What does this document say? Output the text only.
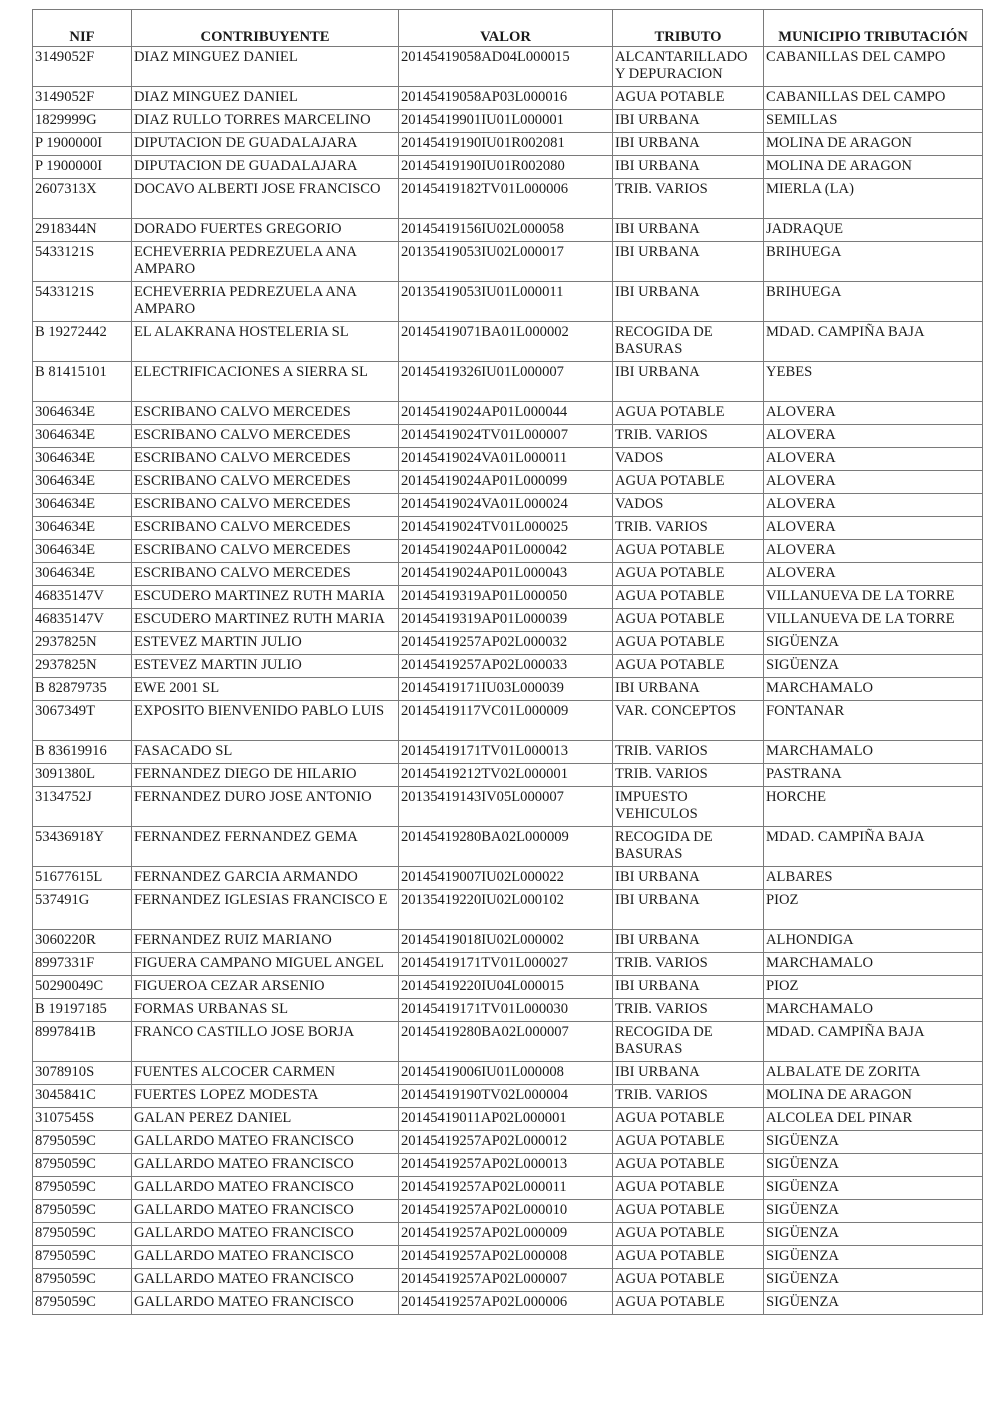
NIF	CONTRIBUYENTE	VALOR	TRIBUTO	MUNICIPIO TRIBUTACIÓN
3149052F	DIAZ MINGUEZ DANIEL	20145419058AD04L000015	ALCANTARILLADO Y DEPURACION	CABANILLAS DEL CAMPO
3149052F	DIAZ MINGUEZ DANIEL	20145419058AP03L000016	AGUA POTABLE	CABANILLAS DEL CAMPO
1829999G	DIAZ RULLO TORRES MARCELINO	20145419901IU01L000001	IBI URBANA	SEMILLAS
P 1900000I	DIPUTACION DE GUADALAJARA	20145419190IU01R002081	IBI URBANA	MOLINA DE ARAGON
P 1900000I	DIPUTACION DE GUADALAJARA	20145419190IU01R002080	IBI URBANA	MOLINA DE ARAGON
2607313X	DOCAVO ALBERTI JOSE FRANCISCO	20145419182TV01L000006	TRIB. VARIOS	MIERLA (LA)
2918344N	DORADO FUERTES GREGORIO	20145419156IU02L000058	IBI URBANA	JADRAQUE
5433121S	ECHEVERRIA PEDREZUELA ANA AMPARO	20135419053IU02L000017	IBI URBANA	BRIHUEGA
5433121S	ECHEVERRIA PEDREZUELA ANA AMPARO	20135419053IU01L000011	IBI URBANA	BRIHUEGA
B 19272442	EL ALAKRANA HOSTELERIA SL	20145419071BA01L000002	RECOGIDA DE BASURAS	MDAD. CAMPIÑA BAJA
B 81415101	ELECTRIFICACIONES A SIERRA SL	20145419326IU01L000007	IBI URBANA	YEBES
3064634E	ESCRIBANO CALVO MERCEDES	20145419024AP01L000044	AGUA POTABLE	ALOVERA
3064634E	ESCRIBANO CALVO MERCEDES	20145419024TV01L000007	TRIB. VARIOS	ALOVERA
3064634E	ESCRIBANO CALVO MERCEDES	20145419024VA01L000011	VADOS	ALOVERA
3064634E	ESCRIBANO CALVO MERCEDES	20145419024AP01L000099	AGUA POTABLE	ALOVERA
3064634E	ESCRIBANO CALVO MERCEDES	20145419024VA01L000024	VADOS	ALOVERA
3064634E	ESCRIBANO CALVO MERCEDES	20145419024TV01L000025	TRIB. VARIOS	ALOVERA
3064634E	ESCRIBANO CALVO MERCEDES	20145419024AP01L000042	AGUA POTABLE	ALOVERA
3064634E	ESCRIBANO CALVO MERCEDES	20145419024AP01L000043	AGUA POTABLE	ALOVERA
46835147V	ESCUDERO MARTINEZ RUTH MARIA	20145419319AP01L000050	AGUA POTABLE	VILLANUEVA DE LA TORRE
46835147V	ESCUDERO MARTINEZ RUTH MARIA	20145419319AP01L000039	AGUA POTABLE	VILLANUEVA DE LA TORRE
2937825N	ESTEVEZ MARTIN JULIO	20145419257AP02L000032	AGUA POTABLE	SIGÜENZA
2937825N	ESTEVEZ MARTIN JULIO	20145419257AP02L000033	AGUA POTABLE	SIGÜENZA
B 82879735	EWE 2001 SL	20145419171IU03L000039	IBI URBANA	MARCHAMALO
3067349T	EXPOSITO BIENVENIDO PABLO LUIS	20145419117VC01L000009	VAR. CONCEPTOS	FONTANAR
B 83619916	FASACADO SL	20145419171TV01L000013	TRIB. VARIOS	MARCHAMALO
3091380L	FERNANDEZ DIEGO DE HILARIO	20145419212TV02L000001	TRIB. VARIOS	PASTRANA
3134752J	FERNANDEZ DURO JOSE ANTONIO	20135419143IV05L000007	IMPUESTO VEHICULOS	HORCHE
53436918Y	FERNANDEZ FERNANDEZ GEMA	20145419280BA02L000009	RECOGIDA DE BASURAS	MDAD. CAMPIÑA BAJA
51677615L	FERNANDEZ GARCIA ARMANDO	20145419007IU02L000022	IBI URBANA	ALBARES
537491G	FERNANDEZ IGLESIAS FRANCISCO E	20135419220IU02L000102	IBI URBANA	PIOZ
3060220R	FERNANDEZ RUIZ MARIANO	20145419018IU02L000002	IBI URBANA	ALHONDIGA
8997331F	FIGUERA CAMPANO MIGUEL ANGEL	20145419171TV01L000027	TRIB. VARIOS	MARCHAMALO
50290049C	FIGUEROA CEZAR ARSENIO	20145419220IU04L000015	IBI URBANA	PIOZ
B 19197185	FORMAS URBANAS SL	20145419171TV01L000030	TRIB. VARIOS	MARCHAMALO
8997841B	FRANCO CASTILLO JOSE BORJA	20145419280BA02L000007	RECOGIDA DE BASURAS	MDAD. CAMPIÑA BAJA
3078910S	FUENTES ALCOCER CARMEN	20145419006IU01L000008	IBI URBANA	ALBALATE DE ZORITA
3045841C	FUERTES LOPEZ MODESTA	20145419190TV02L000004	TRIB. VARIOS	MOLINA DE ARAGON
3107545S	GALAN PEREZ DANIEL	20145419011AP02L000001	AGUA POTABLE	ALCOLEA DEL PINAR
8795059C	GALLARDO MATEO FRANCISCO	20145419257AP02L000012	AGUA POTABLE	SIGÜENZA
8795059C	GALLARDO MATEO FRANCISCO	20145419257AP02L000013	AGUA POTABLE	SIGÜENZA
8795059C	GALLARDO MATEO FRANCISCO	20145419257AP02L000011	AGUA POTABLE	SIGÜENZA
8795059C	GALLARDO MATEO FRANCISCO	20145419257AP02L000010	AGUA POTABLE	SIGÜENZA
8795059C	GALLARDO MATEO FRANCISCO	20145419257AP02L000009	AGUA POTABLE	SIGÜENZA
8795059C	GALLARDO MATEO FRANCISCO	20145419257AP02L000008	AGUA POTABLE	SIGÜENZA
8795059C	GALLARDO MATEO FRANCISCO	20145419257AP02L000007	AGUA POTABLE	SIGÜENZA
8795059C	GALLARDO MATEO FRANCISCO	20145419257AP02L000006	AGUA POTABLE	SIGÜENZA
